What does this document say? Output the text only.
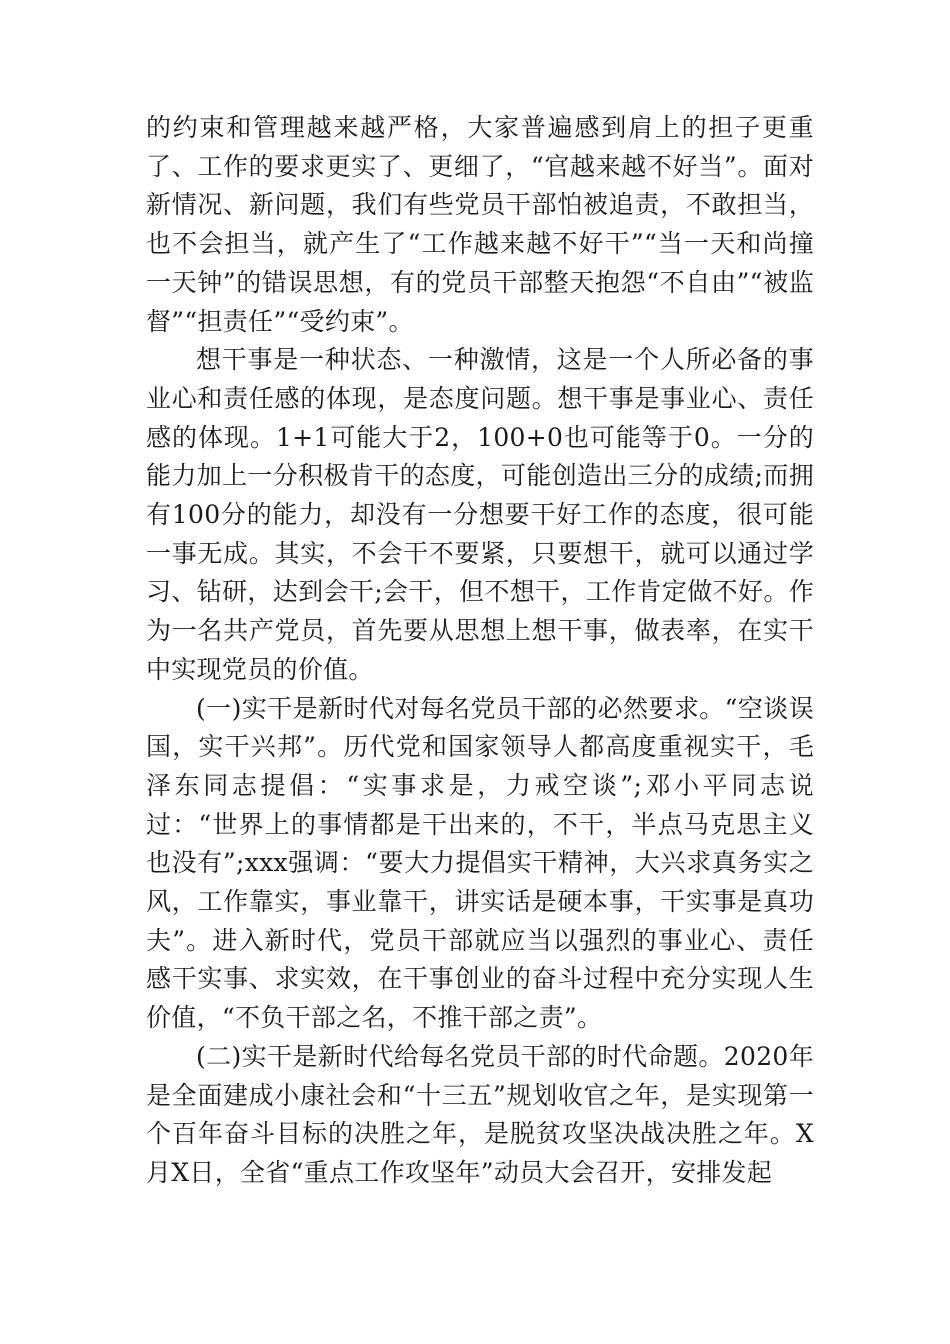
的约束和管理越来越严格，大家普遍感到肩上的担子更重了、工作的要求更实了、更细了，“官越来越不好当”。面对新情况、新问题，我们有些党员干部怕被追责，不敢担当，也不会担当，就产生了“工作越来越不好干”“当一天和尚撞一天钟”的错误思想，有的党员干部整天抱怨“不自由”“被监督”“担责任”“受约束”。

想干事是一种状态、一种激情，这是一个人所必备的事业心和责任感的体现，是态度问题。想干事是事业心、责任感的体现。1+1可能大于2，100+0也可能等于0。一分的能力加上一分积极肯干的态度，可能创造出三分的成绩;而拥有100分的能力，却没有一分想要干好工作的态度，很可能一事无成。其实，不会干不要紧，只要想干，就可以通过学习、钻研，达到会干;会干，但不想干，工作肯定做不好。作为一名共产党员，首先要从思想上想干事，做表率，在实干中实现党员的价值。

(一)实干是新时代对每名党员干部的必然要求。“空谈误国，实干兴邦”。历代党和国家领导人都高度重视实干，毛泽东同志提倡：“实事求是，力戒空谈”;邓小平同志说过：“世界上的事情都是干出来的，不干，半点马克思主义也没有”;xxx强调：“要大力提倡实干精神，大兴求真务实之风，工作靠实，事业靠干，讲实话是硬本事，干实事是真功夫”。进入新时代，党员干部就应当以强烈的事业心、责任感干实事、求实效，在干事创业的奋斗过程中充分实现人生价值，“不负干部之名，不推干部之责”。

(二)实干是新时代给每名党员干部的时代命题。2020年是全面建成小康社会和“十三五”规划收官之年，是实现第一个百年奋斗目标的决胜之年，是脱贫攻坚决战决胜之年。X月X日，全省“重点工作攻坚年”动员大会召开，安排发起
